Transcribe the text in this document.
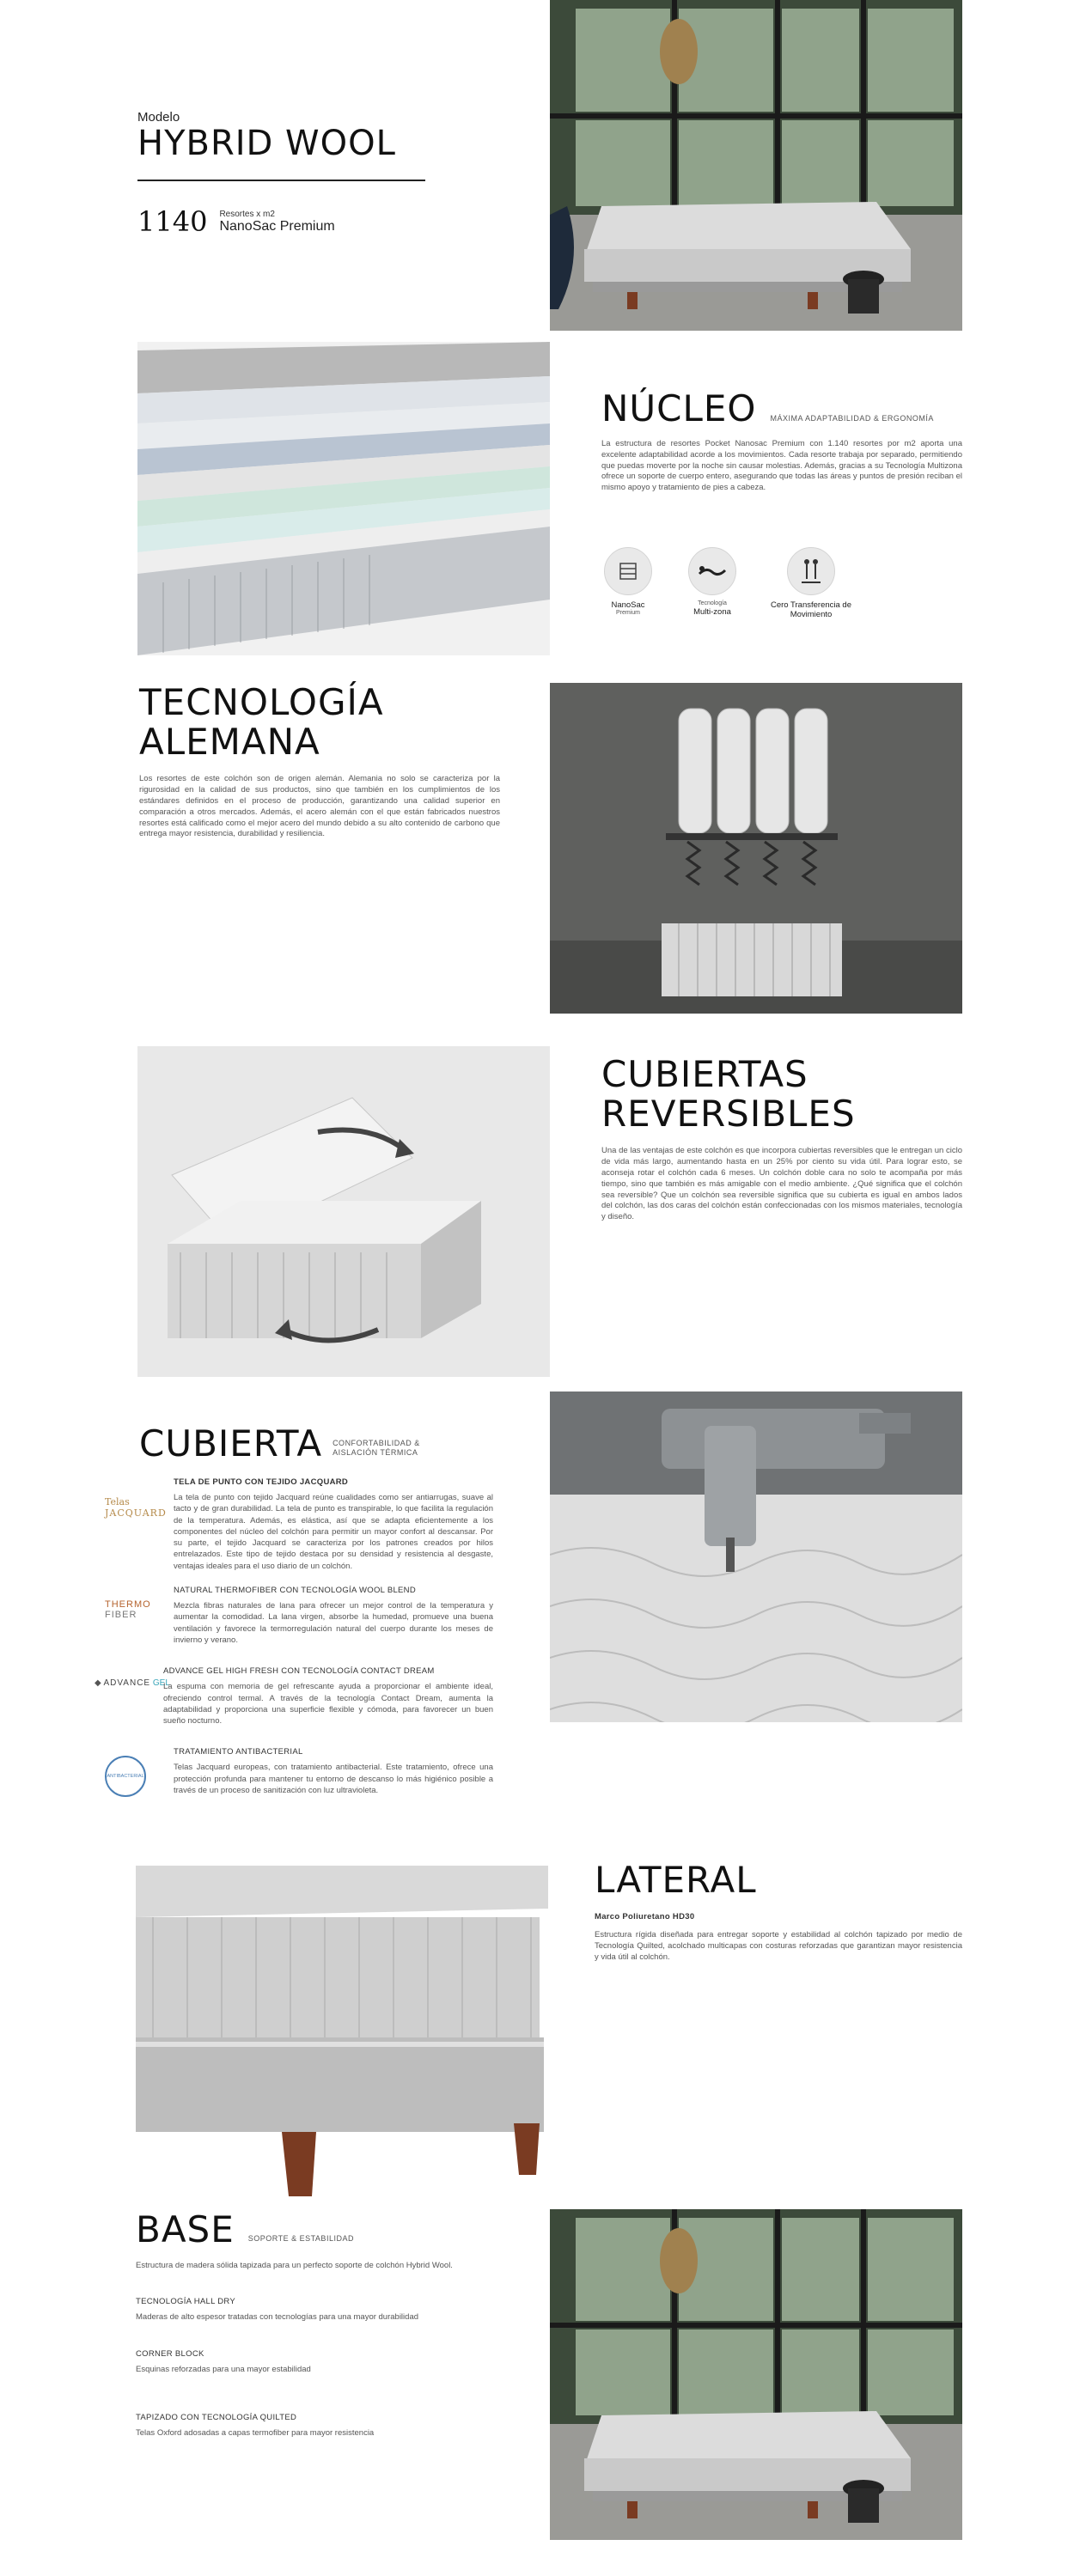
Modelo
HYBRID WOOL
1140 Resortes x m2
NanoSac Premium
NÚCLEO MÁXIMA ADAPTABILIDAD & ERGONOMÍA

La estructura de resortes Pocket Nanosac Premium con 1.140 resortes por m2 aporta una excelente adaptabilidad acorde a los movimientos. Cada resorte trabaja por separado, permitiendo que puedas moverte por la noche sin causar molestias. Además, gracias a su Tecnología Multizona ofrece un soporte de cuerpo entero, asegurando que todas las áreas y puntos de presión reciban el mismo apoyo y tratamiento de pies a cabeza.

NanoSac
Premium
Tecnología
Multi-zona
Cero Transferencia de Movimiento
TECNOLOGÍA
ALEMANA

Los resortes de este colchón son de origen alemán. Alemania no solo se caracteriza por la rigurosidad en la calidad de sus productos, sino que también en los cumplimientos de los estándares definidos en el proceso de producción, garantizando una calidad superior en comparación a otros mercados. Además, el acero alemán con el que están fabricados nuestros resortes está calificado como el mejor acero del mundo debido a su alto contenido de carbono que entrega mayor resistencia, durabilidad y resiliencia.

CUBIERTAS
REVERSIBLES

Una de las ventajas de este colchón es que incorpora cubiertas reversibles que le entregan un ciclo de vida más largo, aumentando hasta en un 25% por ciento su vida útil. Para lograr esto, se aconseja rotar el colchón cada 6 meses. Un colchón doble cara no solo te acompaña por más tiempo, sino que también es más amigable con el medio ambiente. ¿Qué significa que el colchón sea reversible? Que un colchón sea reversible significa que su cubierta es igual en ambos lados del colchón, las dos caras del colchón están confeccionadas con los mismos materiales, tecnología y diseño.

CUBIERTA CONFORTABILIDAD & AISLACIÓN TÉRMICA
Telas
JACQUARD

TELA DE PUNTO CON TEJIDO JACQUARD

La tela de punto con tejido Jacquard reúne cualidades como ser antiarrugas, suave al tacto y de gran durabilidad. La tela de punto es transpirable, lo que facilita la regulación de la temperatura. Además, es elástica, así que se adapta eficientemente a los componentes del núcleo del colchón para permitir un mayor confort al descansar. Por su parte, el tejido Jacquard se caracteriza por los patrones creados por hilos entrelazados. Este tipo de tejido destaca por su densidad y resistencia al desgaste, ventajas ideales para el uso diario de un colchón.

THERMO
FIBER

NATURAL THERMOFIBER CON TECNOLOGÍA WOOL BLEND

Mezcla fibras naturales de lana para ofrecer un mejor control de la temperatura y aumentar la comodidad. La lana virgen, absorbe la humedad, promueve una buena ventilación y favorece la termorregulación natural del cuerpo durante los meses de invierno y verano.

◆ ADVANCE GEL

ADVANCE GEL HIGH FRESH CON TECNOLOGÍA CONTACT DREAM

La espuma con memoria de gel refrescante ayuda a proporcionar el ambiente ideal, ofreciendo control termal. A través de la tecnología Contact Dream, aumenta la adaptabilidad y proporciona una superficie flexible y cómoda, para favorecer un buen sueño nocturno.

ANTIBACTERIAL

TRATAMIENTO ANTIBACTERIAL

Telas Jacquard europeas, con tratamiento antibacterial. Este tratamiento, ofrece una protección profunda para mantener tu entorno de descanso lo más higiénico posible a través de un proceso de sanitización con luz ultravioleta.

LATERAL

Marco Poliuretano HD30

Estructura rígida diseñada para entregar soporte y estabilidad al colchón tapizado por medio de Tecnología Quilted, acolchado multicapas con costuras reforzadas que garantizan mayor resistencia y vida útil al colchón.

BASE SOPORTE & ESTABILIDAD

Estructura de madera sólida tapizada para un perfecto soporte de colchón Hybrid Wool.

TECNOLOGÍA HALL DRY

Maderas de alto espesor tratadas con tecnologías para una mayor durabilidad

CORNER BLOCK

Esquinas reforzadas para una mayor estabilidad

TAPIZADO CON TECNOLOGÍA QUILTED

Telas Oxford adosadas a capas termofiber para mayor resistencia
